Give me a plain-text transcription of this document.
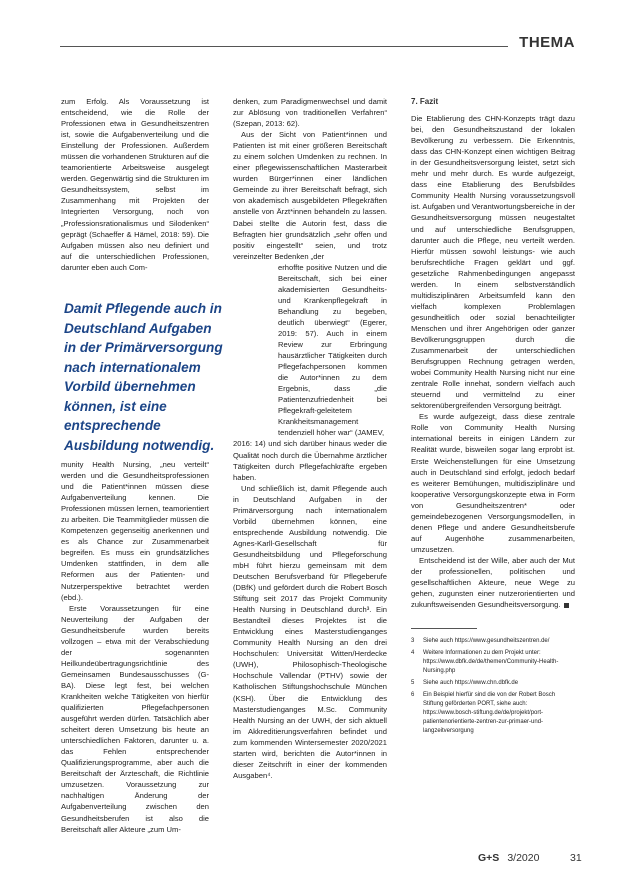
THEMA

zum Erfolg. Als Voraussetzung ist entscheidend, wie die Rolle der Professionen etwa in Gesundheitszentren ist, sowie die Aufgabenverteilung und die Einstellung der Professionen. Außerdem müssen die vorhandenen Strukturen auf die teamorientierte Arbeitsweise ausgelegt werden. Gegenwärtig sind die Strukturen im Gesundheitssystem, selbst im Zusammenhang mit Projekten der Integrierten Versorgung, noch von „Professionsrationalismus und Silodenken“ geprägt (Schaeffer & Hämel, 2018: 59). Die Aufgaben müssen also neu definiert und auf die unterschiedlichen Professionen, darunter eben auch Com-

Damit Pflegende auch in Deutschland Aufgaben in der Primärversorgung nach internationalem Vorbild übernehmen können, ist eine entsprechende Ausbildung notwendig.

munity Health Nursing, „neu verteilt“ werden und die Gesundheitsprofessionen und die Patient*innen müssen diese Aufgabenverteilung kennen. Die Professionen müssen lernen, teamorientiert zu arbeiten. Die Teammitglieder müssen die Kompetenzen gegenseitig anerkennen und es als Chance zur Zusammenarbeit begreifen. Es muss ein grundsätzliches Umdenken stattfinden, in dem alle Reformen aus der Patienten- und Nutzerperspektive betrachtet werden (ebd.).

Erste Voraussetzungen für eine Neuverteilung der Aufgaben der Gesundheitsberufe wurden bereits vollzogen – etwa mit der Verabschiedung der sogenannten Heilkundeübertragungsrichtlinie des Gemeinsamen Bundesausschusses (G-BA). Diese legt fest, bei welchen Krankheiten welche Tätigkeiten von hierfür qualifizierten Pflegefachpersonen ausgeführt werden dürfen. Tatsächlich aber scheitert deren Umsetzung bis heute an unterschiedlichen Faktoren, darunter u. a. das Fehlen entsprechender Qualifizierungsprogramme, aber auch die Bereitschaft der Ärzteschaft, die Richtlinie umzusetzen. Voraussetzung zur nachhaltigen Änderung der Aufgabenverteilung zwischen den Gesundheitsberufen ist also die Bereitschaft aller Akteure „zum Um-

denken, zum Paradigmenwechsel und damit zur Ablösung von traditionellen Verfahren“ (Szepan, 2013: 62).

Aus der Sicht von Patient*innen und Patienten ist mit einer größeren Bereitschaft zu einem solchen Umdenken zu rechnen. In einer pflegewissenschaftlichen Masterarbeit wurden Bürger*innen einer ländlichen Gemeinde zu ihrer Bereitschaft befragt, sich von akademisch ausgebildeten Pflegekräften anstelle von Ärzt*innen behandeln zu lassen. Dabei stellte die Autorin fest, dass die Befragten hier grundsätzlich „sehr offen und positiv eingestellt“ seien, und trotz vereinzelter Bedenken „der

erhoffte positive Nutzen und die Bereitschaft, sich bei einer akademisierten Gesundheits- und Krankenpflegekraft in Behandlung zu begeben, deutlich überwiegt“ (Egerer, 2019: 57). Auch in einem Review zur Erbringung hausärztlicher Tätigkeiten durch Pflegefachpersonen kommen die Autor*innen zu dem Ergebnis, dass „die Patientenzufriedenheit bei Pflegekraft-geleitetem Krankheitsmanagement tendenziell höher war“ (JAMEV,

2016: 14) und sich darüber hinaus weder die Qualität noch durch die Übernahme ärztlicher Tätigkeiten durch Pflegefachkräfte ergeben haben.

Und schließlich ist, damit Pflegende auch in Deutschland Aufgaben in der Primärversorgung nach internationalem Vorbild übernehmen können, eine entsprechende Ausbildung notwendig. Die Agnes-Karll-Gesellschaft für Gesundheitsbildung und Pflegeforschung mbH führt hierzu gemeinsam mit dem Deutschen Berufsverband für Pflegeberufe (DBfK) und gefördert durch die Robert Bosch Stiftung seit 2017 das Projekt Community Health Nursing in Deutschland durch³. Ein Bestandteil dieses Projektes ist die Entwicklung eines Masterstudienganges Community Health Nursing an den drei Hochschulen: Universität Witten/Herdecke (UWH), Philosophisch-Theologische Hochschule Vallendar (PTHV) sowie der Katholischen Stiftungshochschule München (KSH). Über die Entwicklung des Masterstudienganges M.Sc. Community Health Nursing an der UWH, der sich aktuell im Akkreditierungsverfahren befindet und zum kommenden Wintersemester 2020/2021 starten wird, berichten die Autor*innen in dieser Zeitschrift in einer der kommenden Ausgaben⁴.

7. Fazit

Die Etablierung des CHN-Konzepts trägt dazu bei, den Gesundheitszustand der lokalen Bevölkerung zu verbessern. Die Erkenntnis, dass das CHN-Konzept einen wichtigen Beitrag in der Gesundheitsversorgung leistet, setzt sich mehr und mehr durch. Es wurde aufgezeigt, dass eine Etablierung des Berufsbildes Community Health Nursing voraussetzungsvoll ist. Aufgaben und Verantwortungsbereiche in der Gesundheitsversorgung müssen neugestaltet und auf unterschiedliche Berufsgruppen, darunter auch die Pflege, neu verteilt werden. Hierfür müssen sowohl leistungs- wie auch berufsrechtliche Fragen geklärt und ggf. gesetzliche Rahmenbedingungen angepasst werden. In einem selbstverständlich multidisziplinären Arbeitsumfeld kann den vielfach komplexen Problemlagen gesundheitlich oder sozial benachteiligter Menschen und ihrer Angehörigen oder ganzer Bevölkerungsgruppen durch die Zusammenarbeit der unterschiedlichen Berufsgruppen Rechnung getragen werden, wobei Community Health Nursing nicht nur eine zentrale Rolle innehat, sondern vielfach auch steuernd und vermittelnd zu einer sektorenübergreifenden Versorgung beiträgt.

Es wurde aufgezeigt, dass diese zentrale Rolle von Community Health Nursing international bereits in einigen Ländern zur Realität wurde, bisweilen sogar lang erprobt ist. Erste Weichenstellungen für eine Umsetzung auch in Deutschland sind erfolgt, jedoch bedarf es weiterer Bemühungen, multidisziplinäre und kooperative Versorgungskonzepte etwa in Form von Gesundheitszentren* oder gemeindebezogenen Versorgungsmodellen, in denen Pflege und andere Gesundheitsberufe auf Augenhöhe zusammenarbeiten, umzusetzen.

Entscheidend ist der Wille, aber auch der Mut der professionellen, politischen und gesellschaftlichen Akteure, neue Wege zu gehen, zugunsten einer nutzerorientierten und zukunftsweisenden Gesundheitsversorgung.

3	Siehe auch https://www.gesundheitszentren.de/
4	Weitere Informationen zu dem Projekt unter: https://www.dbfk.de/de/themen/Community-Health-Nursing.php
5	Siehe auch https://www.chn.dbfk.de
6	Ein Beispiel hierfür sind die von der Robert Bosch Stiftung geförderten PORT, siehe auch: https://www.bosch-stiftung.de/de/projekt/port-patientenorientierte-zentren-zur-primaer-und-langzeitversorgung
G+S 3/2020	31
